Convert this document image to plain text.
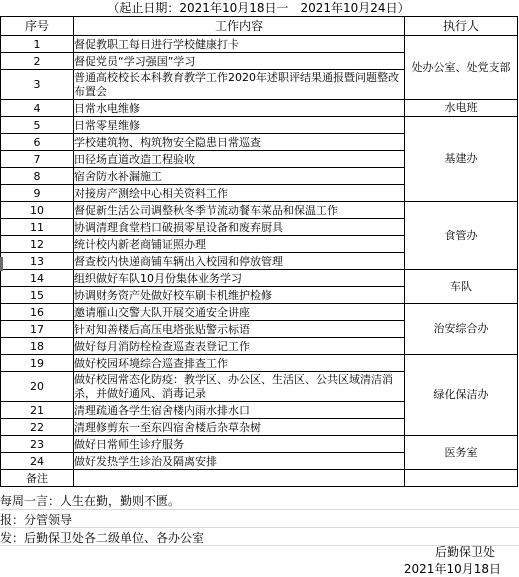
（起止日期：2021年10月18日一　2021年10月24日）
序号	工作内容	执行人
1	督促教职工每日进行学校健康打卡	处办公室、处党支部
2	督促党员“学习强国”学习	
3	普通高校校长本科教育教学工作2020年述职评结果通报暨问题整改布置会	
4	日常水电维修	水电班
5	日常零星维修	基建办
6	学校建筑物、构筑物安全隐患日常巡查	
7	田径场直道改造工程验收	
8	宿舍防水补漏施工	
9	对接房产测绘中心相关资料工作	
10	督促新生活公司调整秋冬季节流动餐车菜品和保温工作	食管办
11	协调清理食堂档口破损零星设备和废弃厨具	
12	统计校内新老商铺证照办理	
13	督查校内快递商铺车辆出入校园和停放管理	
14	组织做好车队10月份集体业务学习	车队
15	协调财务资产处做好校车刷卡机维护检修	
16	邀请雁山交警大队开展交通安全讲座	治安综合办
17	针对知善楼后高压电塔张贴警示标语	
18	做好每月消防栓检查巡查表登记工作	
19	做好校园环境综合巡查排查工作	绿化保洁办
20	做好校园常态化防疫：教学区、办公区、生活区、公共区域清洁消杀，并做好通风、消毒记录	
21	清理疏通各学生宿舍楼内雨水排水口	
22	清理修剪东一至东四宿舍楼后杂草杂树	
23	做好日常师生诊疗服务	医务室
24	做好发热学生诊治及隔离安排	
备注		
每周一言：人生在勤，勤则不匮。
报：分管领导
发：后勤保卫处各二级单位、各办公室
后勤保卫处
2021年10月18日
